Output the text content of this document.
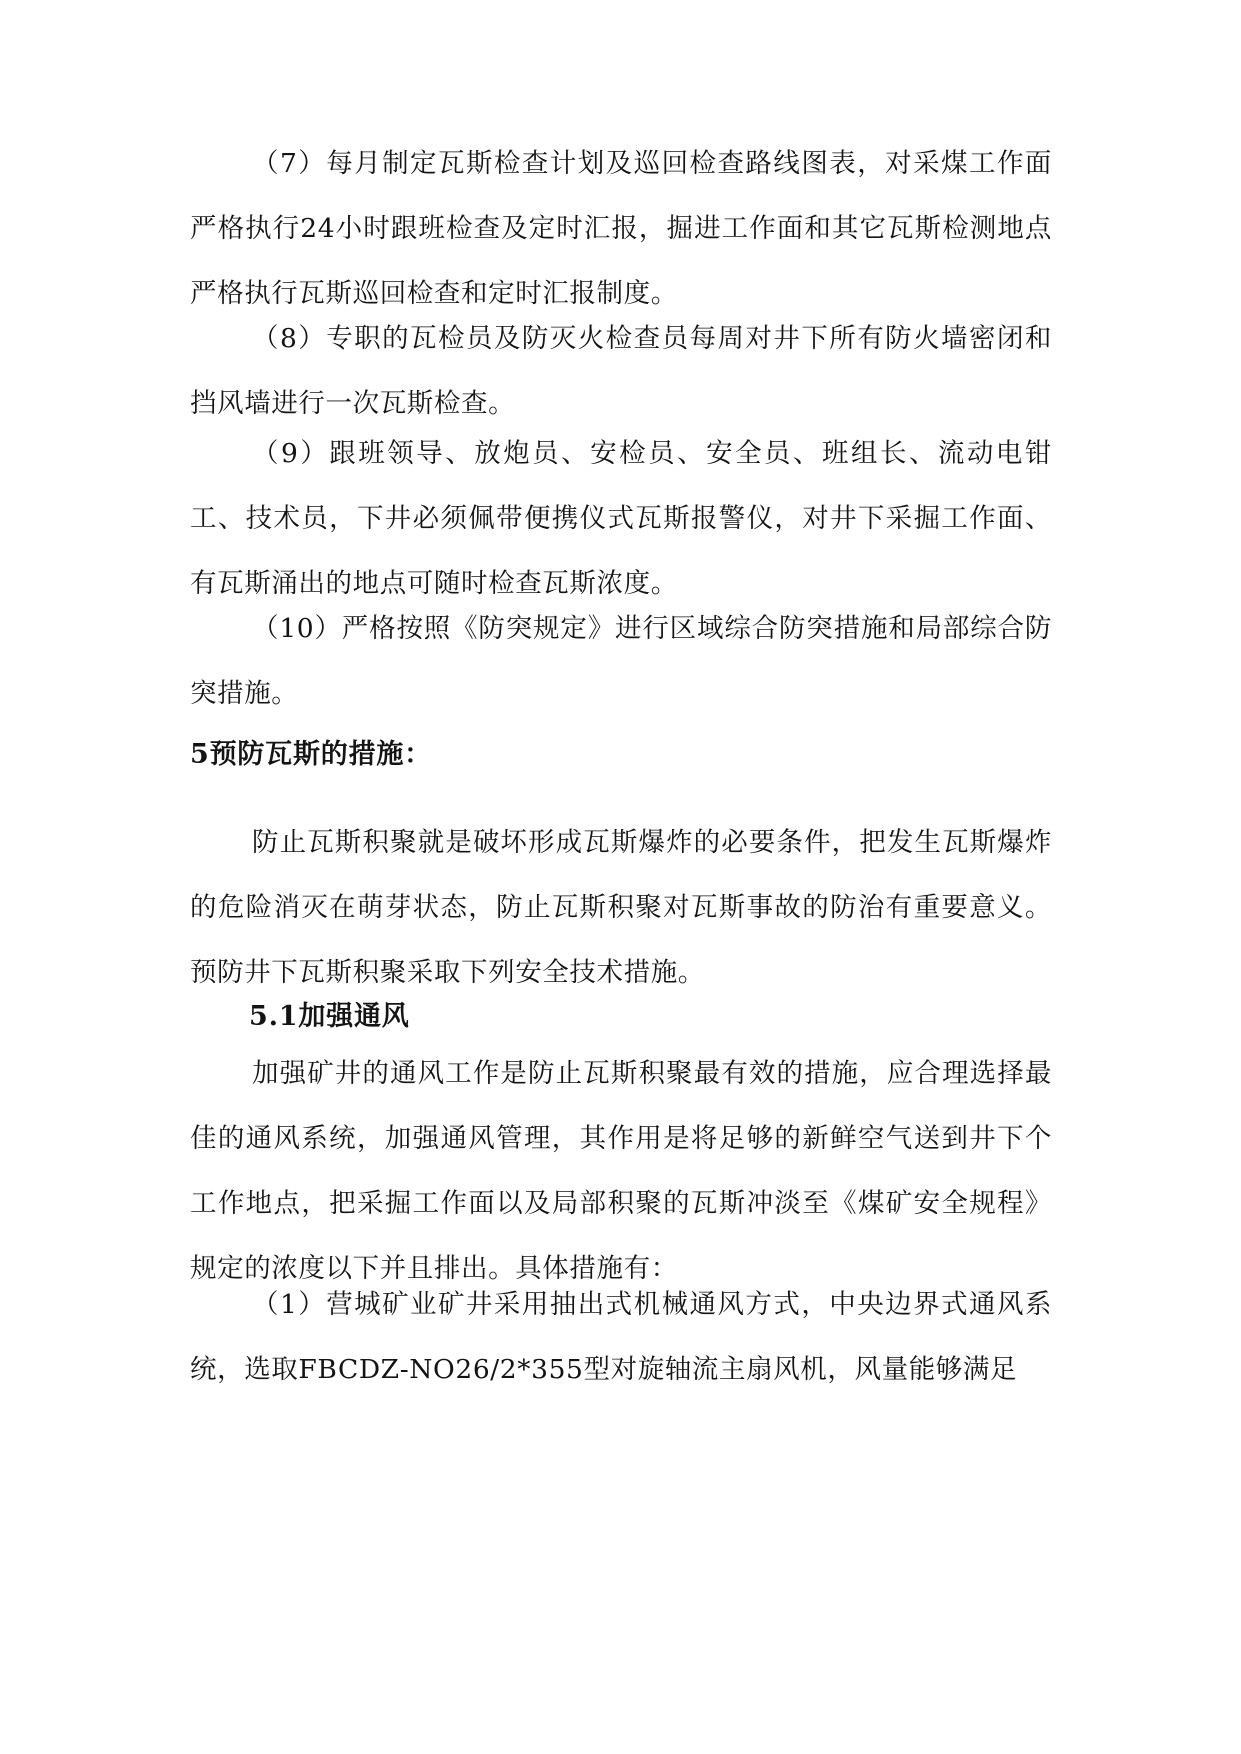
（7）每月制定瓦斯检查计划及巡回检查路线图表，对采煤工作面严格执行24小时跟班检查及定时汇报，掘进工作面和其它瓦斯检测地点严格执行瓦斯巡回检查和定时汇报制度。

（8）专职的瓦检员及防灭火检查员每周对井下所有防火墙密闭和挡风墙进行一次瓦斯检查。

（9）跟班领导、放炮员、安检员、安全员、班组长、流动电钳工、技术员，下井必须佩带便携仪式瓦斯报警仪，对井下采掘工作面、有瓦斯涌出的地点可随时检查瓦斯浓度。

（10）严格按照《防突规定》进行区域综合防突措施和局部综合防突措施。

5预防瓦斯的措施：

防止瓦斯积聚就是破坏形成瓦斯爆炸的必要条件，把发生瓦斯爆炸的危险消灭在萌芽状态，防止瓦斯积聚对瓦斯事故的防治有重要意义。预防井下瓦斯积聚采取下列安全技术措施。

5.1加强通风

加强矿井的通风工作是防止瓦斯积聚最有效的措施，应合理选择最佳的通风系统，加强通风管理，其作用是将足够的新鲜空气送到井下个工作地点，把采掘工作面以及局部积聚的瓦斯冲淡至《煤矿安全规程》规定的浓度以下并且排出。具体措施有：

（1）营城矿业矿井采用抽出式机械通风方式，中央边界式通风系统，选取FBCDZ-NO26/2*355型对旋轴流主扇风机，风量能够满足
